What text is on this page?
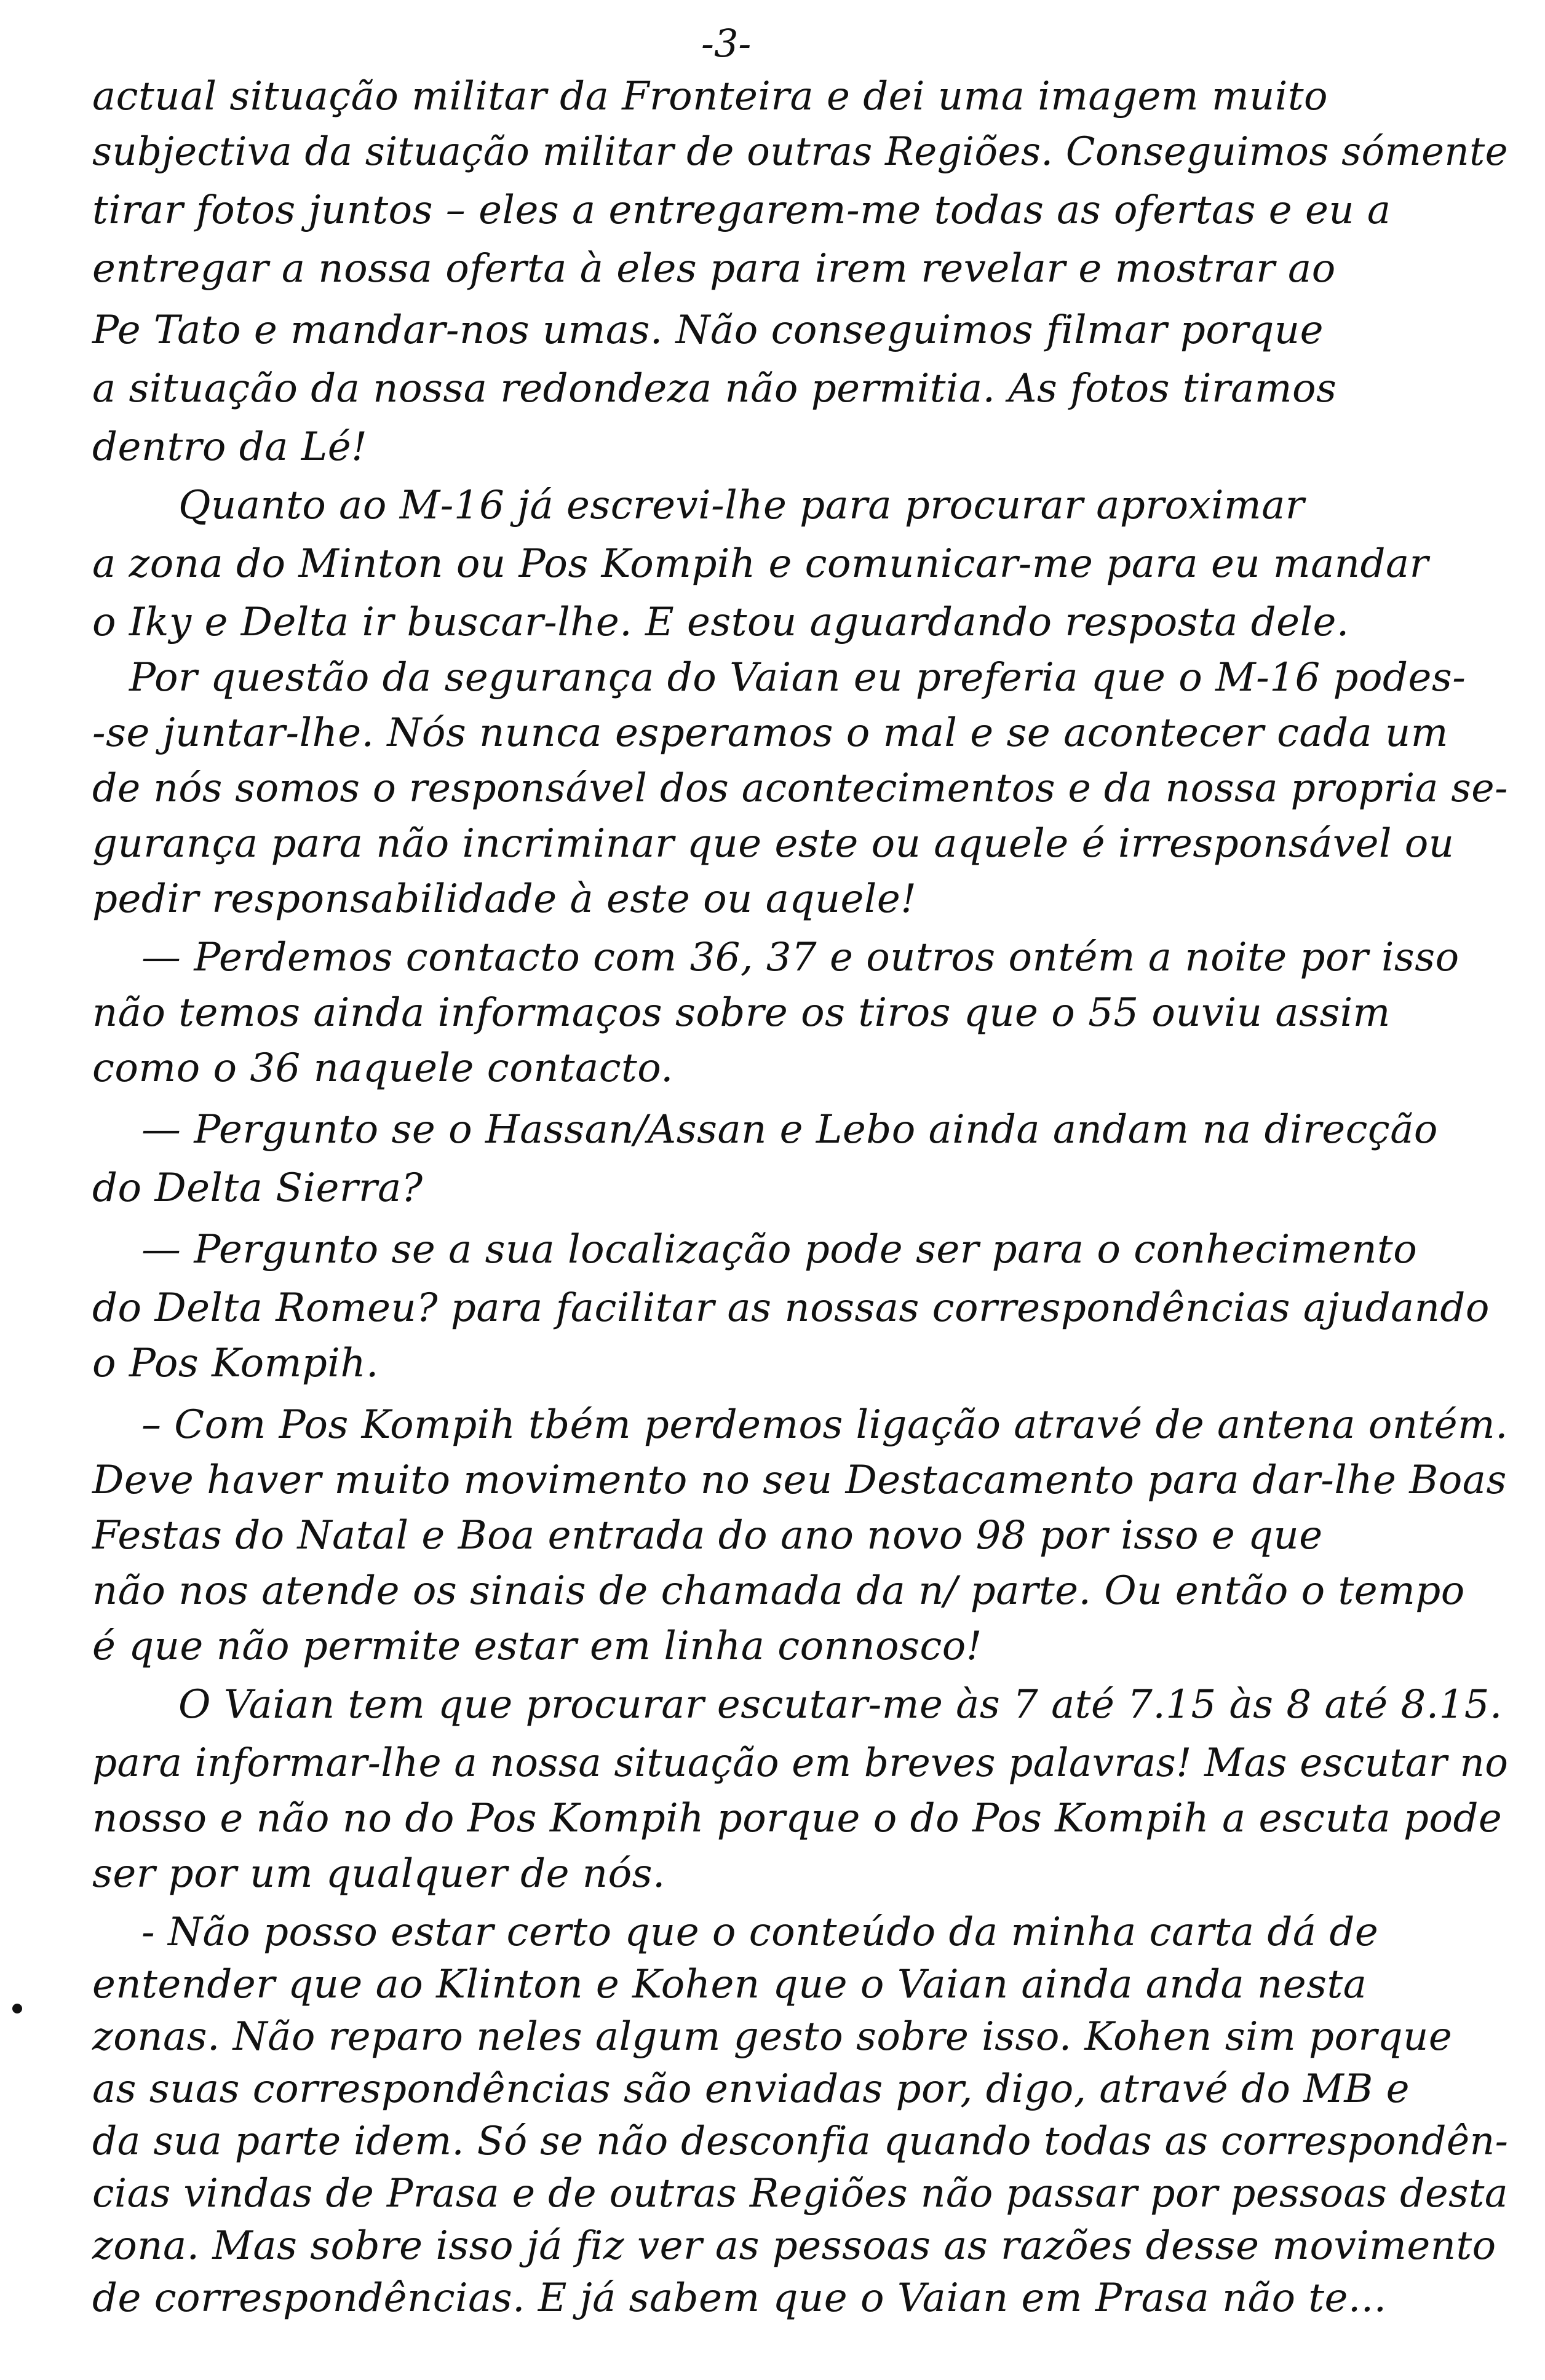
-3-
actual situação militar da Fronteira e dei uma imagem muito
subjectiva da situação militar de outras Regiões. Conseguimos sómente
tirar fotos juntos – eles a entregarem-me todas as ofertas e eu a
entregar a nossa oferta à eles para irem revelar e mostrar ao
Pe Tato e mandar-nos umas. Não conseguimos filmar porque
a situação da nossa redondeza não permitia. As fotos tiramos
dentro da Lé!
Quanto ao M-16 já escrevi-lhe para procurar aproximar
a zona do Minton ou Pos Kompih e comunicar-me para eu mandar
o Iky e Delta ir buscar-lhe. E estou aguardando resposta dele.
Por questão da segurança do Vaian eu preferia que o M-16 podes-
-se juntar-lhe. Nós nunca esperamos o mal e se acontecer cada um
de nós somos o responsável dos acontecimentos e da nossa propria se-
gurança para não incriminar que este ou aquele é irresponsável ou
pedir responsabilidade à este ou aquele!
— Perdemos contacto com 36, 37 e outros ontém a noite por isso
não temos ainda informaços sobre os tiros que o 55 ouviu assim
como o 36 naquele contacto.
— Pergunto se o Hassan/Assan e Lebo ainda andam na direcção
do Delta Sierra?
— Pergunto se a sua localização pode ser para o conhecimento
do Delta Romeu? para facilitar as nossas correspondências ajudando
o Pos Kompih.
– Com Pos Kompih tbém perdemos ligação atravé de antena ontém.
Deve haver muito movimento no seu Destacamento para dar-lhe Boas
Festas do Natal e Boa entrada do ano novo 98 por isso e que
não nos atende os sinais de chamada da n/ parte. Ou então o tempo
é que não permite estar em linha connosco!
O Vaian tem que procurar escutar-me às 7 até 7.15 às 8 até 8.15.
para informar-lhe a nossa situação em breves palavras! Mas escutar no
nosso e não no do Pos Kompih porque o do Pos Kompih a escuta pode
ser por um qualquer de nós.
- Não posso estar certo que o conteúdo da minha carta dá de
entender que ao Klinton e Kohen que o Vaian ainda anda nesta
zonas. Não reparo neles algum gesto sobre isso. Kohen sim porque
as suas correspondências são enviadas por, digo, atravé do MB e
da sua parte idem. Só se não desconfia quando todas as correspondên-
cias vindas de Prasa e de outras Regiões não passar por pessoas desta
zona. Mas sobre isso já fiz ver as pessoas as razões desse movimento
de correspondências. E já sabem que o Vaian em Prasa não te...
